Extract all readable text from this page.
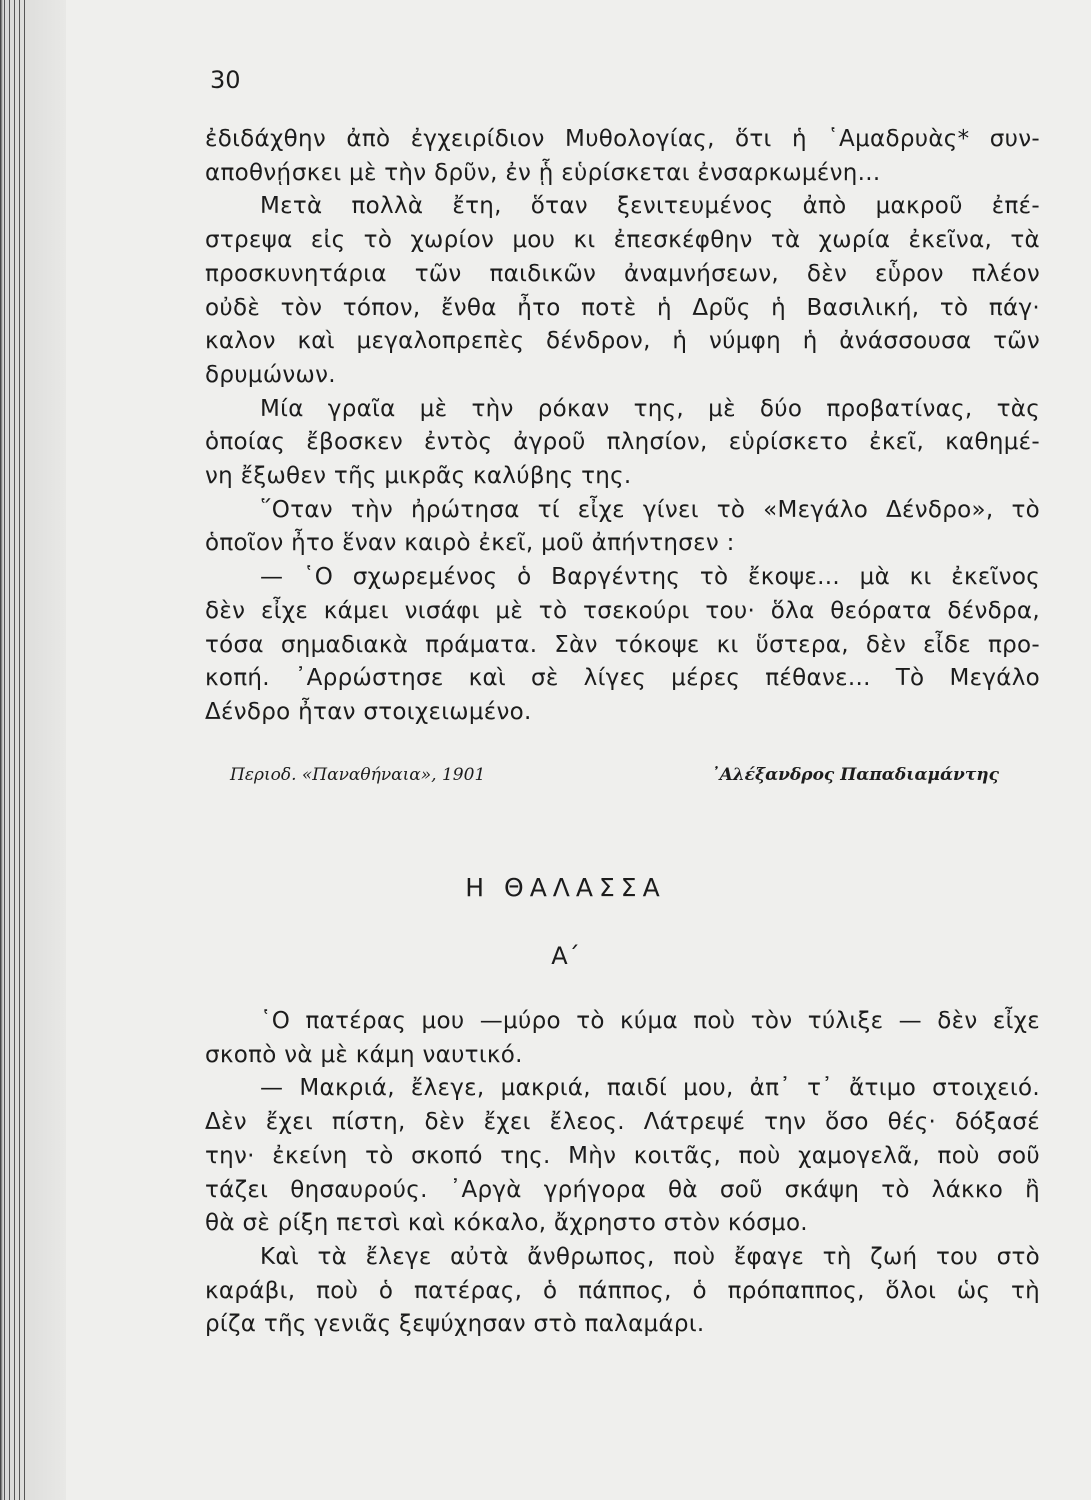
30
ἐδιδάχθην ἀπὸ ἐγχειρίδιον Μυθολογίας, ὅτι ἡ ῾Αμαδρυὰς* συν-
αποθνῄσκει μὲ τὴν δρῦν, ἐν ᾗ εὑρίσκεται ἐνσαρκωμένη...
Μετὰ πολλὰ ἔτη, ὅταν ξενιτευμένος ἀπὸ μακροῦ ἐπέ-
στρεψα εἰς τὸ χωρίον μου κι ἐπεσκέφθην τὰ χωρία ἐκεῖνα, τὰ
προσκυνητάρια τῶν παιδικῶν ἀναμνήσεων, δὲν εὗρον πλέον
οὐδὲ τὸν τόπον, ἔνθα ἦτο ποτὲ ἡ Δρῦς ἡ Βασιλική, τὸ πάγ·
καλον καὶ μεγαλοπρεπὲς δένδρον, ἡ νύμφη ἡ ἀνάσσουσα τῶν
δρυμώνων.
Μία γραῖα μὲ τὴν ρόκαν της, μὲ δύο προβατίνας, τὰς
ὁποίας ἔβοσκεν ἐντὸς ἀγροῦ πλησίον, εὑρίσκετο ἐκεῖ, καθημέ-
νη ἔξωθεν τῆς μικρᾶς καλύβης της.
῞Οταν τὴν ἠρώτησα τί εἶχε γίνει τὸ «Μεγάλο Δένδρο», τὸ
ὁποῖον ἦτο ἕναν καιρὸ ἐκεῖ, μοῦ ἀπήντησεν :
— ῾Ο σχωρεμένος ὁ Βαργέντης τὸ ἔκοψε... μὰ κι ἐκεῖνος
δὲν εἶχε κάμει νισάφι μὲ τὸ τσεκούρι του· ὅλα θεόρατα δένδρα,
τόσα σημαδιακὰ πράματα. Σὰν τόκοψε κι ὕστερα, δὲν εἶδε προ-
κοπή. ᾿Αρρώστησε καὶ σὲ λίγες μέρες πέθανε... Τὸ Μεγάλο
Δένδρο ἦταν στοιχειωμένο.
Περιοδ. «Παναθήναια», 1901	᾿Αλέξανδρος Παπαδιαμάντης
Η ΘΑΛΑΣΣΑ
Α΄
῾Ο πατέρας μου —μύρο τὸ κύμα ποὺ τὸν τύλιξε — δὲν εἶχε
σκοπὸ νὰ μὲ κάμη ναυτικό.
— Μακριά, ἔλεγε, μακριά, παιδί μου, ἀπ᾿ τ᾿ ἄτιμο στοιχειό.
Δὲν ἔχει πίστη, δὲν ἔχει ἔλεος. Λάτρεψέ την ὅσο θές· δόξασέ
την· ἐκείνη τὸ σκοπό της. Μὴν κοιτᾶς, ποὺ χαμογελᾶ, ποὺ σοῦ
τάζει θησαυρούς. ᾿Αργὰ γρήγορα θὰ σοῦ σκάψη τὸ λάκκο ἢ
θὰ σὲ ρίξη πετσὶ καὶ κόκαλο, ἄχρηστο στὸν κόσμο.
Καὶ τὰ ἔλεγε αὐτὰ ἄνθρωπος, ποὺ ἔφαγε τὴ ζωή του στὸ
καράβι, ποὺ ὁ πατέρας, ὁ πάππος, ὁ πρόπαππος, ὅλοι ὡς τὴ
ρίζα τῆς γενιᾶς ξεψύχησαν στὸ παλαμάρι.
